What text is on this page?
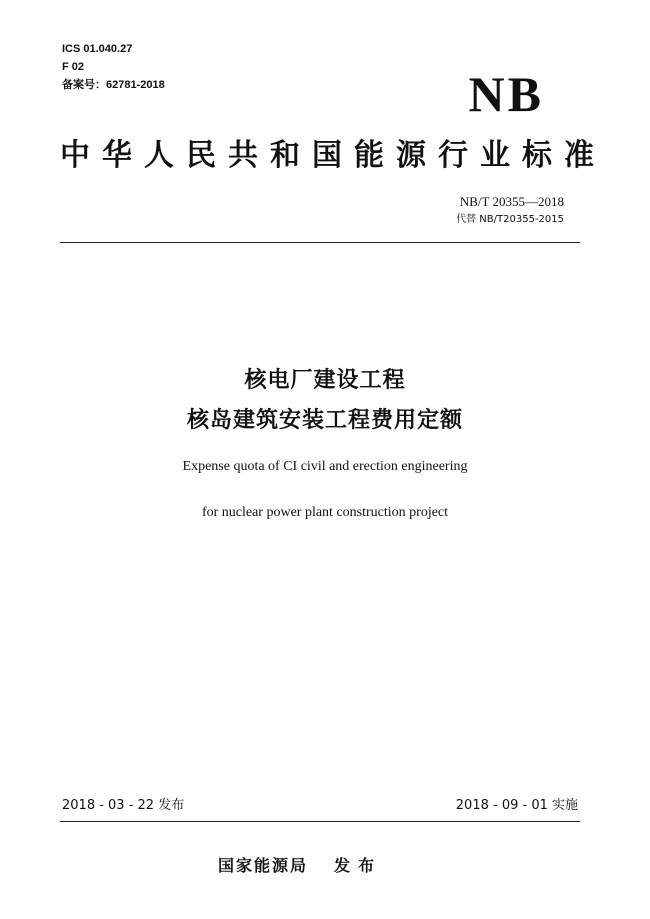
ICS 01.040.27
F 02
备案号：62781-2018	NB
中华人民共和国能源行业标准
NB/T 20355—2018
代替 NB/T20355-2015
核电厂建设工程
核岛建筑安装工程费用定额
Expense quota of CI civil and erection engineering
for nuclear power plant construction project
2018 - 03 - 22 发布	2018 - 09 - 01 实施
国家能源局 发布
